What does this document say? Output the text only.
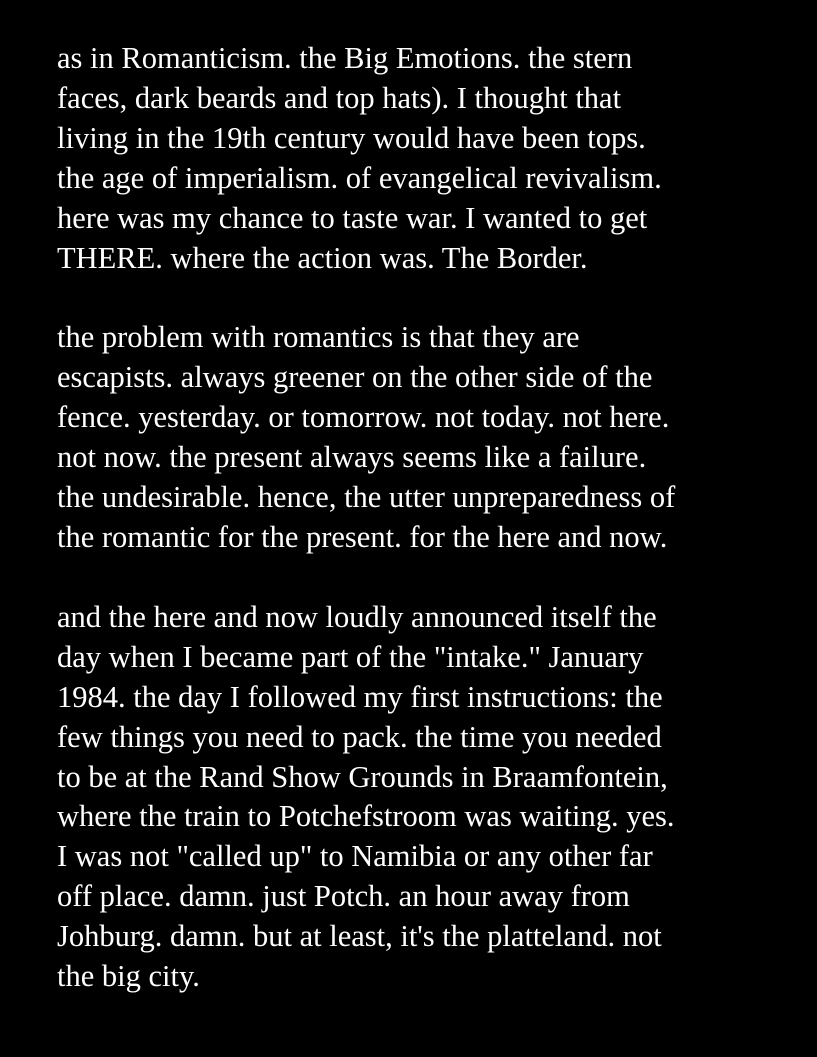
as in Romanticism. the Big Emotions. the stern
faces, dark beards and top hats). I thought that
living in the 19th century would have been tops.
the age of imperialism. of evangelical revivalism.
here was my chance to taste war. I wanted to get
THERE. where the action was. The Border.

the problem with romantics is that they are
escapists. always greener on the other side of the
fence. yesterday. or tomorrow. not today. not here.
not now. the present always seems like a failure.
the undesirable. hence, the utter unpreparedness of
the romantic for the present. for the here and now.

and the here and now loudly announced itself the
day when I became part of the "intake." January
1984. the day I followed my first instructions: the
few things you need to pack. the time you needed
to be at the Rand Show Grounds in Braamfontein,
where the train to Potchefstroom was waiting. yes.
I was not "called up" to Namibia or any other far
off place. damn. just Potch. an hour away from
Johburg. damn. but at least, it's the platteland. not
the big city.
